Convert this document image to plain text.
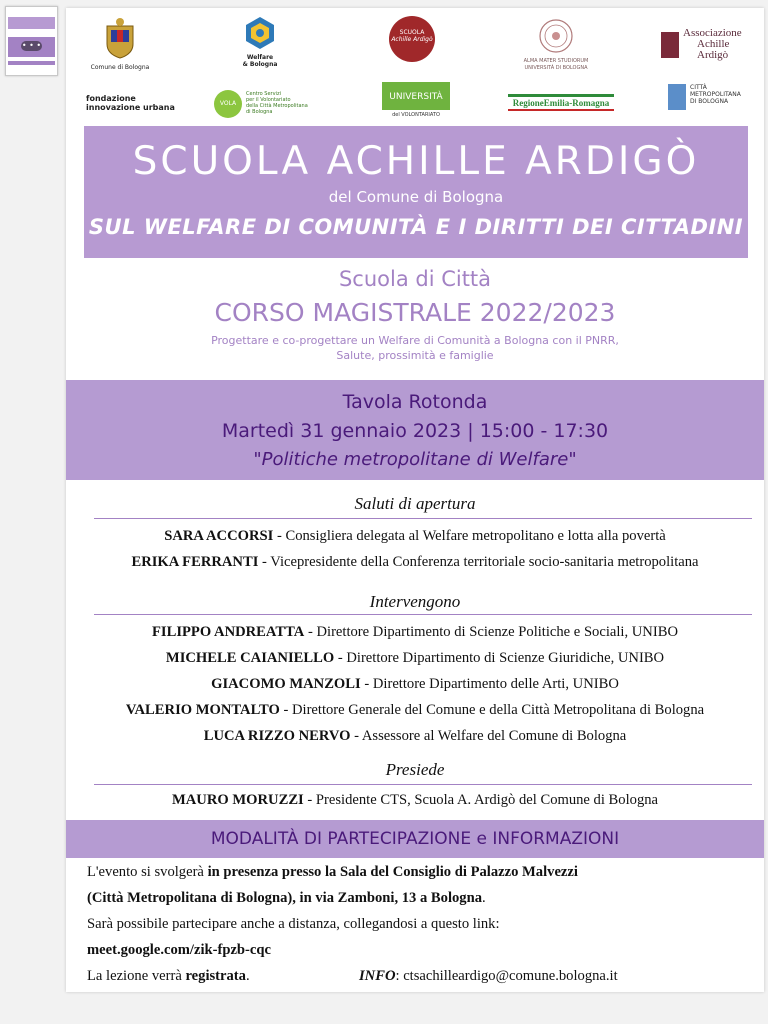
• • •
Comune di Bologna
Welfare
& Bologna
SCUOLA
Achille Ardigò
ALMA MATER STUDIORUM
UNIVERSITÀ DI BOLOGNA
Associazione
Achille
Ardigò
fondazione
innovazione urbana	VOLA
Centro Servizi
per il Volontariato
della Città Metropolitana
di Bologna
UNIVERSITÀ
del VOLONTARIATO
RegioneEmilia-Romagna
CITTÀ
METROPOLITANA
DI BOLOGNA
SCUOLA ACHILLE ARDIGÒ
del Comune di Bologna
SUL WELFARE DI COMUNITÀ E I DIRITTI DEI CITTADINI
Scuola di Città
CORSO MAGISTRALE 2022/2023
Progettare e co-progettare un Welfare di Comunità a Bologna con il PNRR,
Salute, prossimità e famiglie
Tavola Rotonda
Martedì 31 gennaio 2023 | 15:00 - 17:30
"Politiche metropolitane di Welfare"
Saluti di apertura
SARA ACCORSI - Consigliera delegata al Welfare metropolitano e lotta alla povertà
ERIKA FERRANTI - Vicepresidente della Conferenza territoriale socio-sanitaria metropolitana
Intervengono
FILIPPO ANDREATTA - Direttore Dipartimento di Scienze Politiche e Sociali, UNIBO
MICHELE CAIANIELLO - Direttore Dipartimento di Scienze Giuridiche, UNIBO
GIACOMO MANZOLI - Direttore Dipartimento delle Arti, UNIBO
VALERIO MONTALTO - Direttore Generale del Comune e della Città Metropolitana di Bologna
LUCA RIZZO NERVO - Assessore al Welfare del Comune di Bologna
Presiede
MAURO MORUZZI - Presidente CTS, Scuola A. Ardigò del Comune di Bologna
MODALITÀ DI PARTECIPAZIONE e INFORMAZIONI
L'evento si svolgerà in presenza presso la Sala del Consiglio di Palazzo Malvezzi
(Città Metropolitana di Bologna), in via Zamboni, 13 a Bologna.
Sarà possibile partecipare anche a distanza, collegandosi a questo link:
meet.google.com/zik-fpzb-cqc
La lezione verrà registrata.	INFO: ctsachilleardigo@comune.bologna.it
